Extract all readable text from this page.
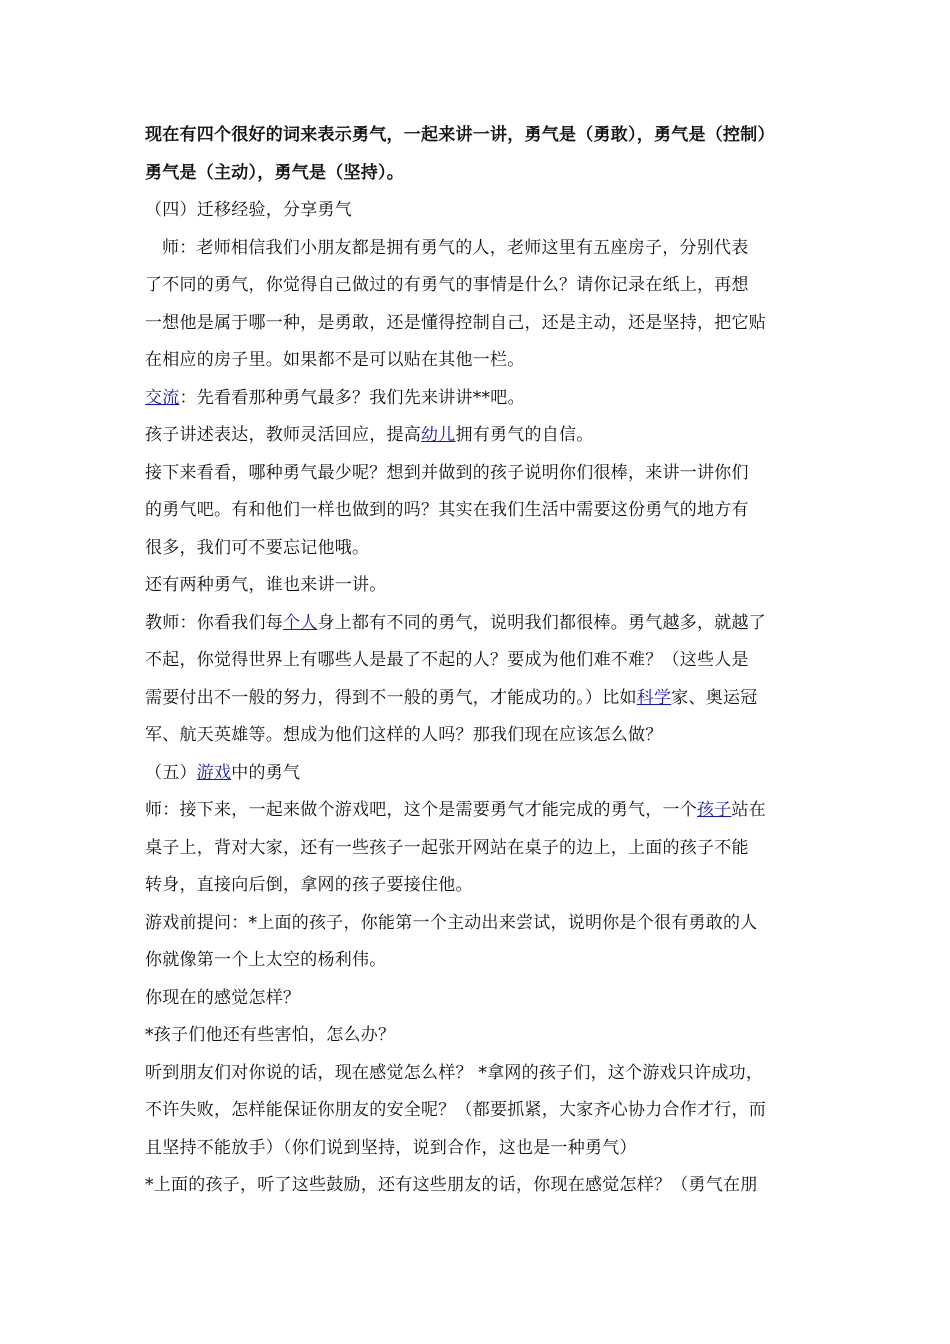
现在有四个很好的词来表示勇气，一起来讲一讲，勇气是（勇敢），勇气是（控制）
勇气是（主动），勇气是（坚持）。
（四）迁移经验，分享勇气
师：老师相信我们小朋友都是拥有勇气的人，老师这里有五座房子，分别代表
了不同的勇气，你觉得自己做过的有勇气的事情是什么？请你记录在纸上，再想
一想他是属于哪一种，是勇敢，还是懂得控制自己，还是主动，还是坚持，把它贴
在相应的房子里。如果都不是可以贴在其他一栏。
交流：先看看那种勇气最多？我们先来讲讲**吧。
孩子讲述表达，教师灵活回应，提高幼儿拥有勇气的自信。
接下来看看，哪种勇气最少呢？想到并做到的孩子说明你们很棒，来讲一讲你们
的勇气吧。有和他们一样也做到的吗？其实在我们生活中需要这份勇气的地方有
很多，我们可不要忘记他哦。
还有两种勇气，谁也来讲一讲。
教师：你看我们每个人身上都有不同的勇气，说明我们都很棒。勇气越多，就越了
不起，你觉得世界上有哪些人是最了不起的人？要成为他们难不难？（这些人是
需要付出不一般的努力，得到不一般的勇气，才能成功的。）比如科学家、奥运冠
军、航天英雄等。想成为他们这样的人吗？那我们现在应该怎么做？
（五）游戏中的勇气
师：接下来，一起来做个游戏吧，这个是需要勇气才能完成的勇气，一个孩子站在
桌子上，背对大家，还有一些孩子一起张开网站在桌子的边上，上面的孩子不能
转身，直接向后倒，拿网的孩子要接住他。
游戏前提问：*上面的孩子，你能第一个主动出来尝试，说明你是个很有勇敢的人
你就像第一个上太空的杨利伟。
你现在的感觉怎样？
*孩子们他还有些害怕，怎么办？
听到朋友们对你说的话，现在感觉怎么样？ *拿网的孩子们，这个游戏只许成功，
不许失败，怎样能保证你朋友的安全呢？（都要抓紧，大家齐心协力合作才行，而
且坚持不能放手）（你们说到坚持，说到合作，这也是一种勇气）
*上面的孩子，听了这些鼓励，还有这些朋友的话，你现在感觉怎样？（勇气在朋
